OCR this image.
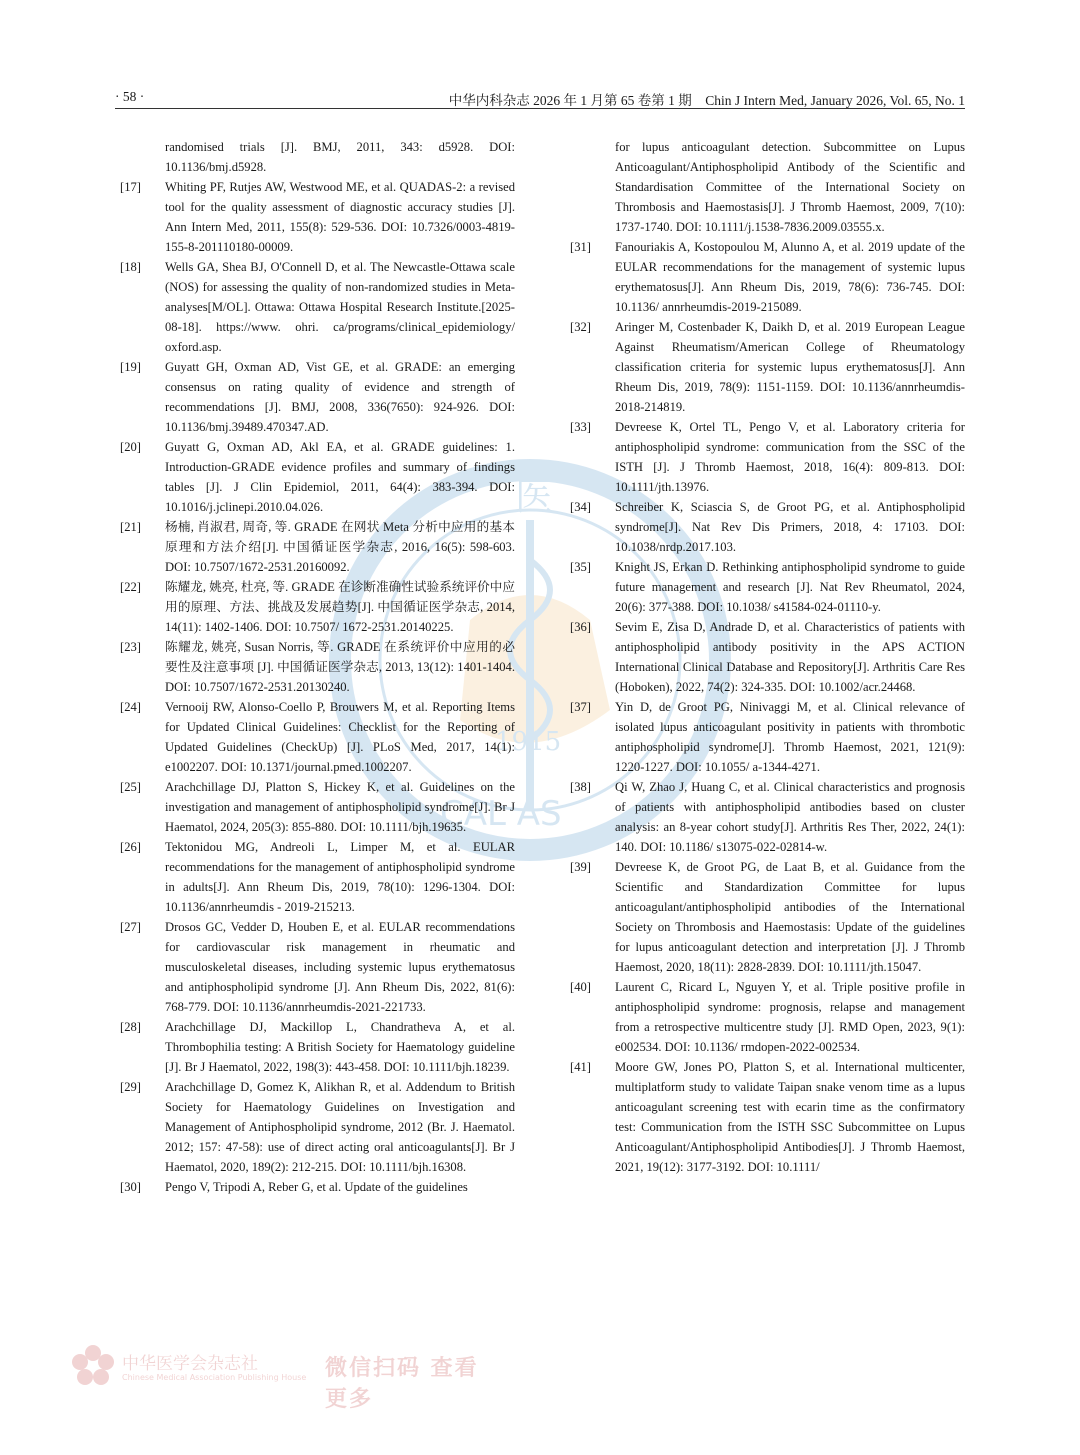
· 58 ·	中华内科杂志 2026 年 1 月第 65 卷第 1 期　Chin J Intern Med, January 2026, Vol. 65, No. 1
医
1915
CAL AS
randomised trials [J]. BMJ, 2011, 343: d5928. DOI: 10.1136/bmj.d5928.
[17] Whiting PF, Rutjes AW, Westwood ME, et al. QUADAS-2: a revised tool for the quality assessment of diagnostic accuracy studies [J]. Ann Intern Med, 2011, 155(8): 529-536. DOI: 10.7326/0003-4819-155-8-201110180-00009.
[18] Wells GA, Shea BJ, O'Connell D, et al. The Newcastle-Ottawa scale (NOS) for assessing the quality of non-randomized studies in Meta-analyses[M/OL]. Ottawa: Ottawa Hospital Research Institute.[2025-08-18]. https://www. ohri. ca/programs/clinical_epidemiology/ oxford.asp.
[19] Guyatt GH, Oxman AD, Vist GE, et al. GRADE: an emerging consensus on rating quality of evidence and strength of recommendations [J]. BMJ, 2008, 336(7650): 924-926. DOI: 10.1136/bmj.39489.470347.AD.
[20] Guyatt G, Oxman AD, Akl EA, et al. GRADE guidelines: 1. Introduction-GRADE evidence profiles and summary of findings tables [J]. J Clin Epidemiol, 2011, 64(4): 383-394. DOI: 10.1016/j.jclinepi.2010.04.026.
[21] 杨楠, 肖淑君, 周奇, 等. GRADE 在网状 Meta 分析中应用的基本原理和方法介绍[J]. 中国循证医学杂志, 2016, 16(5): 598-603. DOI: 10.7507/1672-2531.20160092.
[22] 陈耀龙, 姚亮, 杜亮, 等. GRADE 在诊断准确性试验系统评价中应用的原理、方法、挑战及发展趋势[J]. 中国循证医学杂志, 2014, 14(11): 1402-1406. DOI: 10.7507/ 1672-2531.20140225.
[23] 陈耀龙, 姚亮, Susan Norris, 等. GRADE 在系统评价中应用的必要性及注意事项 [J]. 中国循证医学杂志, 2013, 13(12): 1401-1404. DOI: 10.7507/1672-2531.20130240.
[24] Vernooij RW, Alonso-Coello P, Brouwers M, et al. Reporting Items for Updated Clinical Guidelines: Checklist for the Reporting of Updated Guidelines (CheckUp) [J]. PLoS Med, 2017, 14(1): e1002207. DOI: 10.1371/journal.pmed.1002207.
[25] Arachchillage DJ, Platton S, Hickey K, et al. Guidelines on the investigation and management of antiphospholipid syndrome[J]. Br J Haematol, 2024, 205(3): 855-880. DOI: 10.1111/bjh.19635.
[26] Tektonidou MG, Andreoli L, Limper M, et al. EULAR recommendations for the management of antiphospholipid syndrome in adults[J]. Ann Rheum Dis, 2019, 78(10): 1296-1304. DOI: 10.1136/annrheumdis - 2019-215213.
[27] Drosos GC, Vedder D, Houben E, et al. EULAR recommendations for cardiovascular risk management in rheumatic and musculoskeletal diseases, including systemic lupus erythematosus and antiphospholipid syndrome [J]. Ann Rheum Dis, 2022, 81(6): 768-779. DOI: 10.1136/annrheumdis-2021-221733.
[28] Arachchillage DJ, Mackillop L, Chandratheva A, et al. Thrombophilia testing: A British Society for Haematology guideline [J]. Br J Haematol, 2022, 198(3): 443-458. DOI: 10.1111/bjh.18239.
[29] Arachchillage D, Gomez K, Alikhan R, et al. Addendum to British Society for Haematology Guidelines on Investigation and Management of Antiphospholipid syndrome, 2012 (Br. J. Haematol. 2012; 157: 47-58): use of direct acting oral anticoagulants[J]. Br J Haematol, 2020, 189(2): 212-215. DOI: 10.1111/bjh.16308.
[30] Pengo V, Tripodi A, Reber G, et al. Update of the guidelines
for lupus anticoagulant detection. Subcommittee on Lupus Anticoagulant/Antiphospholipid Antibody of the Scientific and Standardisation Committee of the International Society on Thrombosis and Haemostasis[J]. J Thromb Haemost, 2009, 7(10): 1737-1740. DOI: 10.1111/j.1538-7836.2009.03555.x.
[31] Fanouriakis A, Kostopoulou M, Alunno A, et al. 2019 update of the EULAR recommendations for the management of systemic lupus erythematosus[J]. Ann Rheum Dis, 2019, 78(6): 736-745. DOI: 10.1136/ annrheumdis-2019-215089.
[32] Aringer M, Costenbader K, Daikh D, et al. 2019 European League Against Rheumatism/American College of Rheumatology classification criteria for systemic lupus erythematosus[J]. Ann Rheum Dis, 2019, 78(9): 1151-1159. DOI: 10.1136/annrheumdis-2018-214819.
[33] Devreese K, Ortel TL, Pengo V, et al. Laboratory criteria for antiphospholipid syndrome: communication from the SSC of the ISTH [J]. J Thromb Haemost, 2018, 16(4): 809-813. DOI: 10.1111/jth.13976.
[34] Schreiber K, Sciascia S, de Groot PG, et al. Antiphospholipid syndrome[J]. Nat Rev Dis Primers, 2018, 4: 17103. DOI: 10.1038/nrdp.2017.103.
[35] Knight JS, Erkan D. Rethinking antiphospholipid syndrome to guide future management and research [J]. Nat Rev Rheumatol, 2024, 20(6): 377-388. DOI: 10.1038/ s41584-024-01110-y.
[36] Sevim E, Zisa D, Andrade D, et al. Characteristics of patients with antiphospholipid antibody positivity in the APS ACTION International Clinical Database and Repository[J]. Arthritis Care Res (Hoboken), 2022, 74(2): 324-335. DOI: 10.1002/acr.24468.
[37] Yin D, de Groot PG, Ninivaggi M, et al. Clinical relevance of isolated lupus anticoagulant positivity in patients with thrombotic antiphospholipid syndrome[J]. Thromb Haemost, 2021, 121(9): 1220-1227. DOI: 10.1055/ a-1344-4271.
[38] Qi W, Zhao J, Huang C, et al. Clinical characteristics and prognosis of patients with antiphospholipid antibodies based on cluster analysis: an 8-year cohort study[J]. Arthritis Res Ther, 2022, 24(1): 140. DOI: 10.1186/ s13075-022-02814-w.
[39] Devreese K, de Groot PG, de Laat B, et al. Guidance from the Scientific and Standardization Committee for lupus anticoagulant/antiphospholipid antibodies of the International Society on Thrombosis and Haemostasis: Update of the guidelines for lupus anticoagulant detection and interpretation [J]. J Thromb Haemost, 2020, 18(11): 2828-2839. DOI: 10.1111/jth.15047.
[40] Laurent C, Ricard L, Nguyen Y, et al. Triple positive profile in antiphospholipid syndrome: prognosis, relapse and management from a retrospective multicentre study [J]. RMD Open, 2023, 9(1): e002534. DOI: 10.1136/ rmdopen-2022-002534.
[41] Moore GW, Jones PO, Platton S, et al. International multicenter, multiplatform study to validate Taipan snake venom time as a lupus anticoagulant screening test with ecarin time as the confirmatory test: Communication from the ISTH SSC Subcommittee on Lupus Anticoagulant/Antiphospholipid Antibodies[J]. J Thromb Haemost, 2021, 19(12): 3177-3192. DOI: 10.1111/
中华医学会杂志社
Chinese Medical Association Publishing House 微信扫码 查看更多
